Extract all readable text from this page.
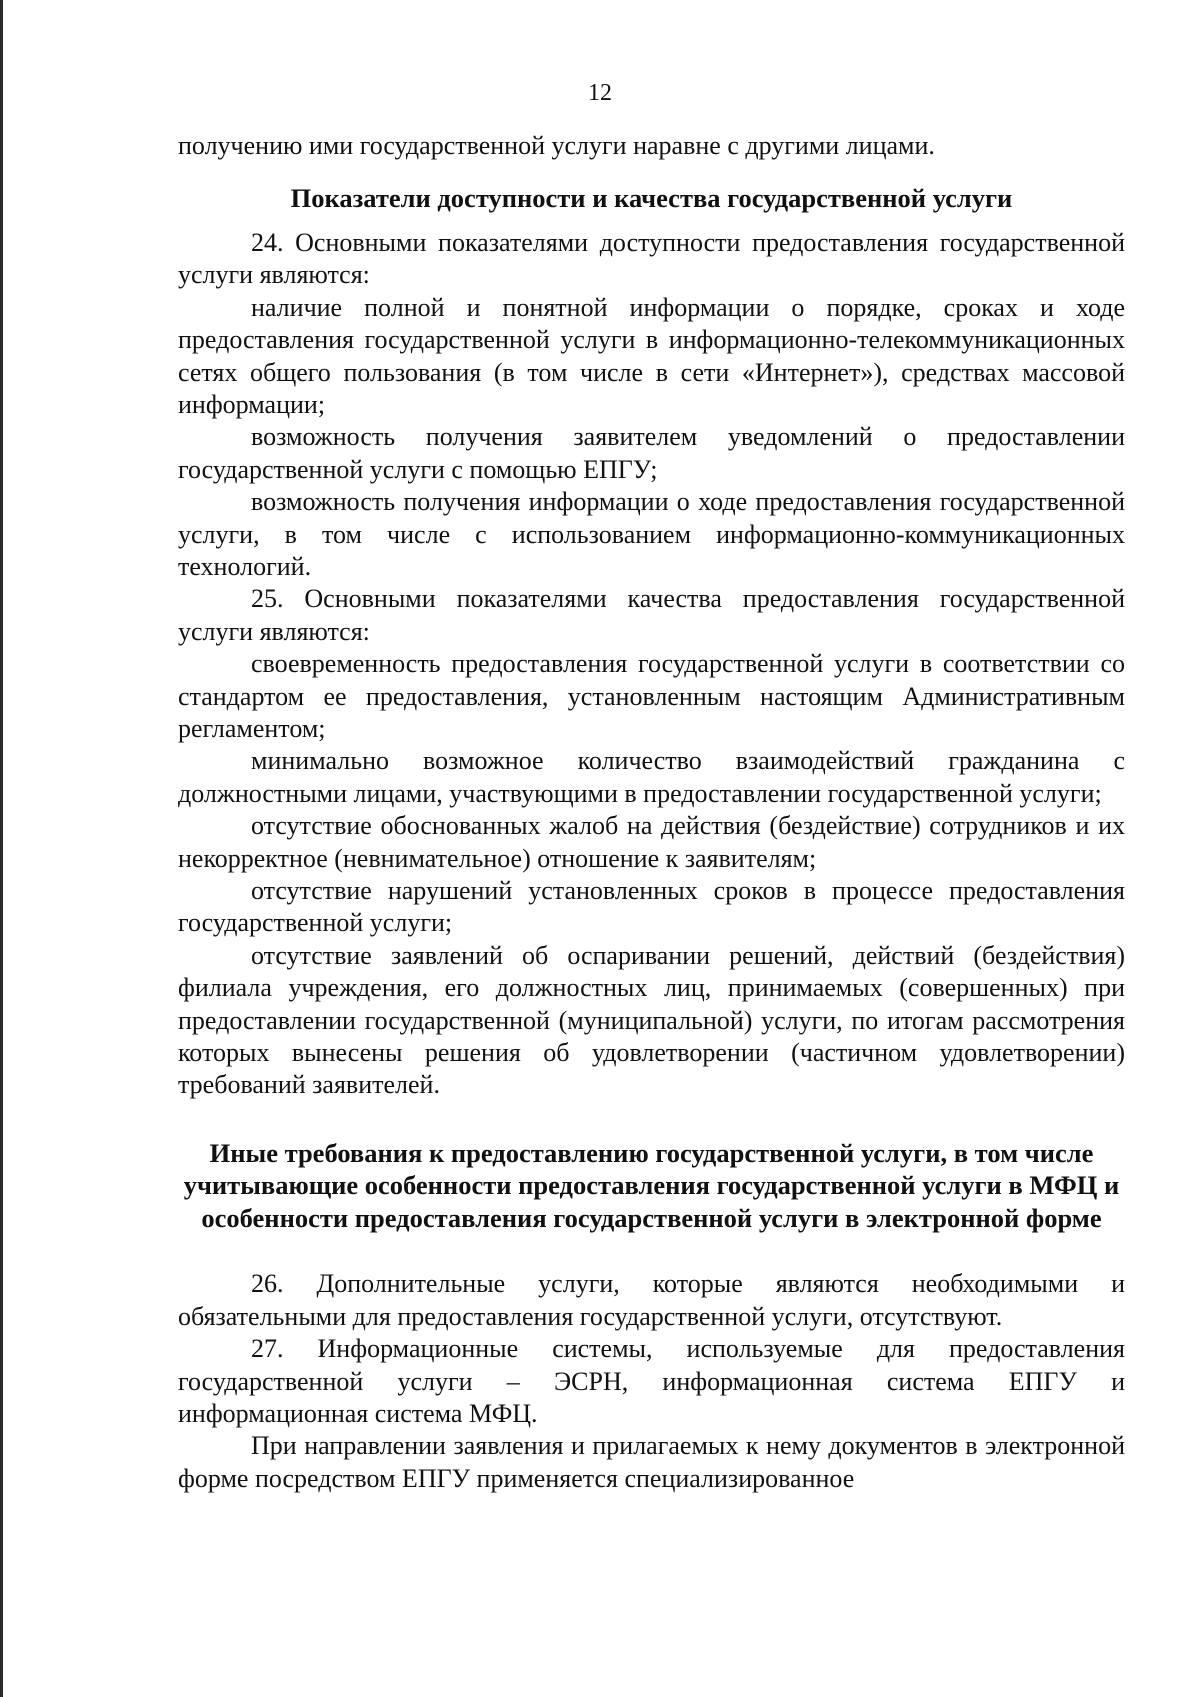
12

получению ими государственной услуги наравне с другими лицами.

Показатели доступности и качества государственной услуги

24. Основными показателями доступности предоставления государственной услуги являются:

наличие полной и понятной информации о порядке, сроках и ходе предоставления государственной услуги в информационно-телекоммуникационных сетях общего пользования (в том числе в сети «Интернет»), средствах массовой информации;

возможность получения заявителем уведомлений о предоставлении государственной услуги с помощью ЕПГУ;

возможность получения информации о ходе предоставления государственной услуги, в том числе с использованием информационно-коммуникационных технологий.

25. Основными показателями качества предоставления государственной услуги являются:

своевременность предоставления государственной услуги в соответствии со стандартом ее предоставления, установленным настоящим Административным регламентом;

минимально возможное количество взаимодействий гражданина с должностными лицами, участвующими в предоставлении государственной услуги;

отсутствие обоснованных жалоб на действия (бездействие) сотрудников и их некорректное (невнимательное) отношение к заявителям;

отсутствие нарушений установленных сроков в процессе предоставления государственной услуги;

отсутствие заявлений об оспаривании решений, действий (бездействия) филиала учреждения, его должностных лиц, принимаемых (совершенных) при предоставлении государственной (муниципальной) услуги, по итогам рассмотрения которых вынесены решения об удовлетворении (частичном удовлетворении) требований заявителей.

Иные требования к предоставлению государственной услуги, в том числе учитывающие особенности предоставления государственной услуги в МФЦ и особенности предоставления государственной услуги в электронной форме

26. Дополнительные услуги, которые являются необходимыми и обязательными для предоставления государственной услуги, отсутствуют.

27. Информационные системы, используемые для предоставления государственной услуги – ЭСРН, информационная система ЕПГУ и информационная система МФЦ.

При направлении заявления и прилагаемых к нему документов в электронной форме посредством ЕПГУ применяется специализированное
